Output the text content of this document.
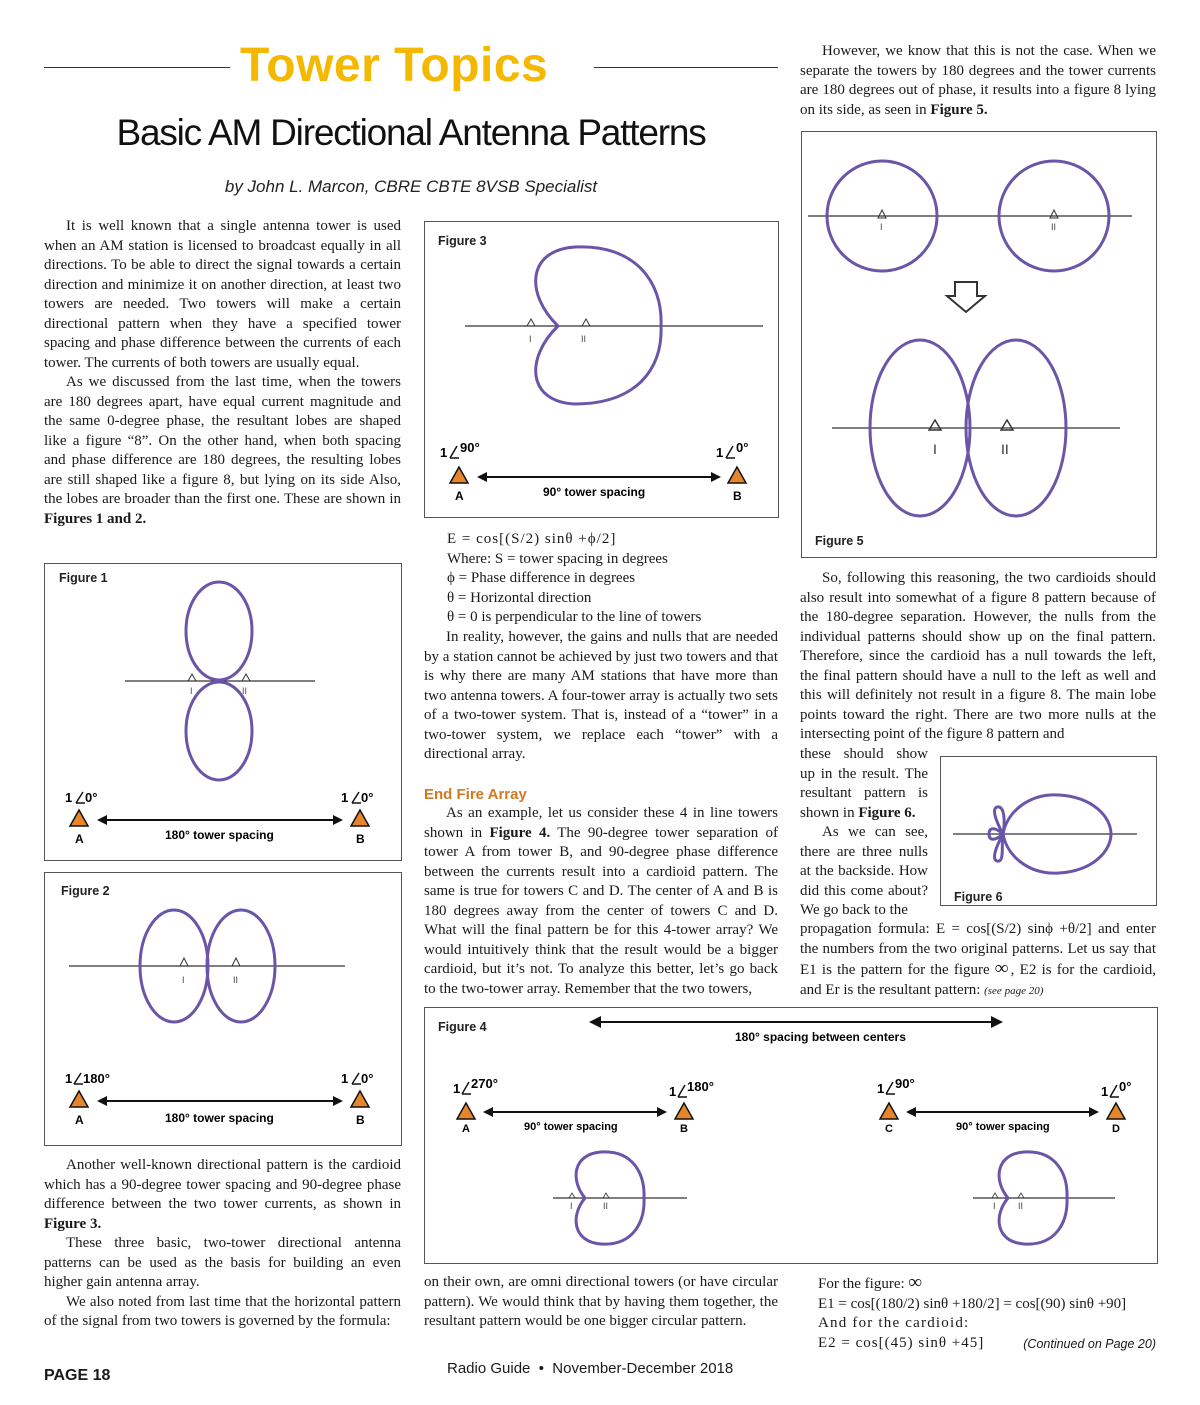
Tower Topics
Basic AM Directional Antenna Patterns
by John L. Marcon, CBRE CBTE 8VSB Specialist

It is well known that a single antenna tower is used when an AM station is licensed to broadcast equally in all directions. To be able to direct the signal towards a certain direction and minimize it on another direction, at least two towers are needed. Two towers will make a certain directional pattern when they have a specified tower spacing and phase difference between the currents of each tower. The currents of both towers are usually equal.

As we discussed from the last time, when the towers are 180 degrees apart, have equal current magnitude and the same 0-degree phase, the resultant lobes are shaped like a figure “8”. On the other hand, when both spacing and phase difference are 180 degrees, the resulting lobes are still shaped like a figure 8, but lying on its side Also, the lobes are broader than the first one. These are shown in Figures 1 and 2.

Figure 1
I	II
1 0°	1 0°
A	B
180° tower spacing
Figure 2
I	II
1 180°	1 0°
A	B
180° tower spacing

Another well-known directional pattern is the cardioid which has a 90-degree tower spacing and 90-degree phase difference between the two tower currents, as shown in Figure 3.

These three basic, two-tower directional antenna patterns can be used as the basis for building an even higher gain antenna array.

We also noted from last time that the horizontal pattern of the signal from two towers is governed by the formula:

Figure 3
I	II
1 90°	1 0°
A	B
90° tower spacing
E = cos[(S/2) sinθ +ϕ/2]
Where: S = tower spacing in degrees
ϕ = Phase difference in degrees
θ = Horizontal direction
θ = 0 is perpendicular to the line of towers

In reality, however, the gains and nulls that are needed by a station cannot be achieved by just two towers and that is why there are many AM stations that have more than two antenna towers. A four-tower array is actually two sets of a two-tower system. That is, instead of a “tower” in a two-tower system, we replace each “tower” with a directional array.

End Fire Array

As an example, let us consider these 4 in line towers shown in Figure 4. The 90-degree tower separation of tower A from tower B, and 90-degree phase difference between the currents result into a cardioid pattern. The same is true for towers C and D. The center of A and B is 180 degrees away from the center of towers C and D. What will the final pattern be for this 4-tower array? We would intuitively think that the result would be a bigger cardioid, but it’s not. To analyze this better, let’s go back to the two-tower array. Remember that the two towers,

Figure 4
180° spacing between centers
1 270°
1 180°	1 90°
1 0°
A	B	C	D
90° tower spacing	90° tower spacing
I	II	I II

on their own, are omni directional towers (or have circular pattern). We would think that by having them together, the resultant pattern would be one bigger circular pattern.

However, we know that this is not the case. When we separate the towers by 180 degrees and the tower currents are 180 degrees out of phase, it results into a figure 8 lying on its side, as seen in Figure 5.

Figure 5
I	II
I	II

So, following this reasoning, the two cardioids should also result into somewhat of a figure 8 pattern because of the 180-degree separation. However, the nulls from the individual patterns should show up on the final pattern. Therefore, since the cardioid has a null towards the left, the final pattern should have a null to the left as well and this will definitely not result in a figure 8. The main lobe points toward the right. There are two more nulls at the intersecting point of the figure 8 pattern and

these should show up in the result. The resultant pattern is shown in Figure 6.

As we can see, there are three nulls at the backside. How did this come about? We go back to the

Figure 6

propagation formula: E = cos[(S/2) sinϕ +θ/2] and enter the numbers from the two original patterns. Let us say that E1 is the pattern for the figure ∞ , E2 is for the cardioid, and Er is the resultant pattern: (see page 20)

For the figure: ∞
E1 = cos[(180/2) sinθ +180/2] = cos[(90) sinθ +90]
And for the cardioid:
E2 = cos[(45) sinθ +45]	(Continued on Page 20)
PAGE 18	Radio Guide  •  November-December 2018
